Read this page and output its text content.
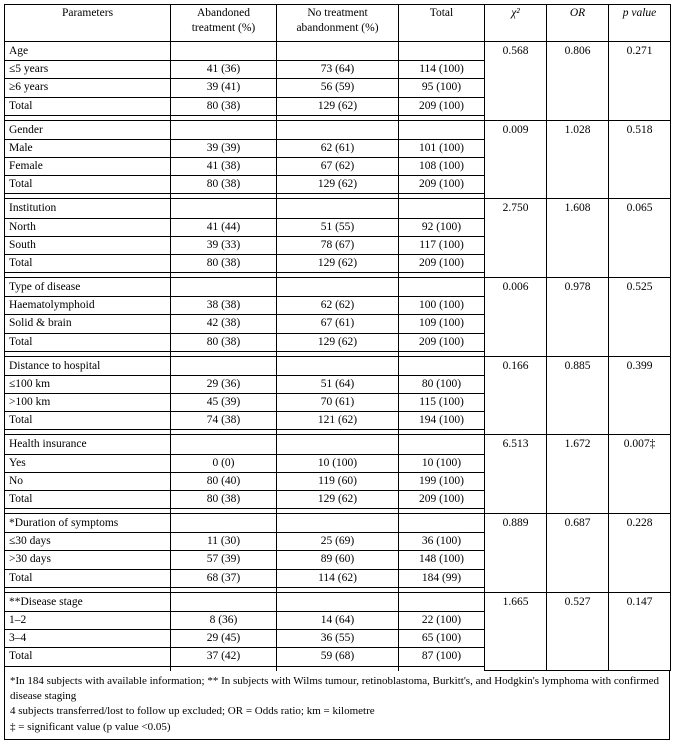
Parameters	Abandoned treatment (%)	No treatment abandonment (%)	Total	χ²	OR	p value
Age				0.568	0.806	0.271
≤5 years	41 (36)	73 (64)	114 (100)			
≥6 years	39 (41)	56 (59)	95 (100)			
Total	80 (38)	129 (62)	209 (100)			

Gender				0.009	1.028	0.518
Male	39 (39)	62 (61)	101 (100)			
Female	41 (38)	67 (62)	108 (100)			
Total	80 (38)	129 (62)	209 (100)			

Institution				2.750	1.608	0.065
North	41 (44)	51 (55)	92 (100)			
South	39 (33)	78 (67)	117 (100)			
Total	80 (38)	129 (62)	209 (100)			

Type of disease				0.006	0.978	0.525
Haematolymphoid	38 (38)	62 (62)	100 (100)			
Solid & brain	42 (38)	67 (61)	109 (100)			
Total	80 (38)	129 (62)	209 (100)			

Distance to hospital				0.166	0.885	0.399
≤100 km	29 (36)	51 (64)	80 (100)			
>100 km	45 (39)	70 (61)	115 (100)			
Total	74 (38)	121 (62)	194 (100)			

Health insurance				6.513	1.672	0.007‡
Yes	0 (0)	10 (100)	10 (100)			
No	80 (40)	119 (60)	199 (100)			
Total	80 (38)	129 (62)	209 (100)			

*Duration of symptoms				0.889	0.687	0.228
≤30 days	11 (30)	25 (69)	36 (100)			
>30 days	57 (39)	89 (60)	148 (100)			
Total	68 (37)	114 (62)	184 (99)			

**Disease stage				1.665	0.527	0.147
1–2	8 (36)	14 (64)	22 (100)			
3–4	29 (45)	36 (55)	65 (100)			
Total	37 (42)	59 (68)	87 (100)			

*In 184 subjects with available information; ** In subjects with Wilms tumour, retinoblastoma, Burkitt's, and Hodgkin's lymphoma with confirmed disease staging
4 subjects transferred/lost to follow up excluded; OR = Odds ratio; km = kilometre
‡ = significant value (p value <0.05)
